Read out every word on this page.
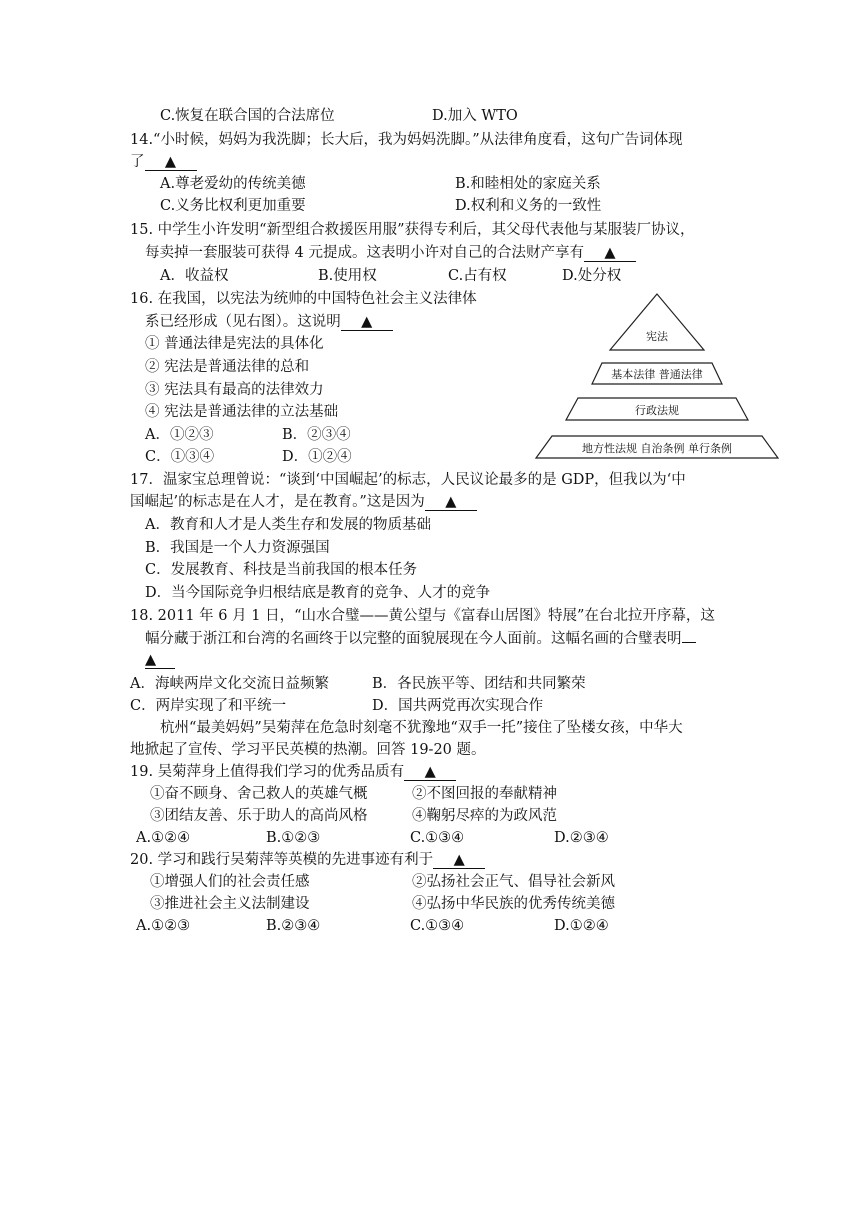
C.恢复在联合国的合法席位	D.加入 WTO
14.“小时候，妈妈为我洗脚；长大后，我为妈妈洗脚。”从法律角度看，这句广告词体现
了 ▲
A.尊老爱幼的传统美德	B.和睦相处的家庭关系
C.义务比权利更加重要	D.权利和义务的一致性
15. 中学生小许发明“新型组合救援医用服”获得专利后，其父母代表他与某服装厂协议，
每卖掉一套服装可获得 4 元提成。这表明小许对自己的合法财产享有 ▲
A．收益权	B.使用权	C.占有权	D.处分权
16. 在我国，以宪法为统帅的中国特色社会主义法律体
系已经形成（见右图）。这说明 ▲
① 普通法律是宪法的具体化
② 宪法是普通法律的总和
③ 宪法具有最高的法律效力
④ 宪法是普通法律的立法基础
A．①②③	B．②③④
C．①③④	D．①②④
宪法
基本法律 普通法律
行政法规
地方性法规 自治条例 单行条例
17．温家宝总理曾说：“谈到‘中国崛起’的标志，人民议论最多的是 GDP，但我以为‘中
国崛起’的标志是在人才，是在教育。”这是因为 ▲
A．教育和人才是人类生存和发展的物质基础
B．我国是一个人力资源强国
C．发展教育、科技是当前我国的根本任务
D．当今国际竞争归根结底是教育的竞争、人才的竞争
18. 2011 年 6 月 1 日，“山水合璧——黄公望与《富春山居图》特展”在台北拉开序幕，这
幅分藏于浙江和台湾的名画终于以完整的面貌展现在今人面前。这幅名画的合璧表明
▲
A．海峡两岸文化交流日益频繁	B．各民族平等、团结和共同繁荣
C．两岸实现了和平统一	D．国共两党再次实现合作
杭州“最美妈妈”吴菊萍在危急时刻毫不犹豫地“双手一托”接住了坠楼女孩，中华大
地掀起了宣传、学习平民英模的热潮。回答 19-20 题。
19. 吴菊萍身上值得我们学习的优秀品质有 ▲
①奋不顾身、舍己救人的英雄气概	②不图回报的奉献精神
③团结友善、乐于助人的高尚风格	④鞠躬尽瘁的为政风范
A.①②④	B.①②③	C.①③④	D.②③④
20. 学习和践行吴菊萍等英模的先进事迹有利于 ▲
①增强人们的社会责任感	②弘扬社会正气、倡导社会新风
③推进社会主义法制建设	④弘扬中华民族的优秀传统美德
A.①②③	B.②③④	C.①③④	D.①②④
